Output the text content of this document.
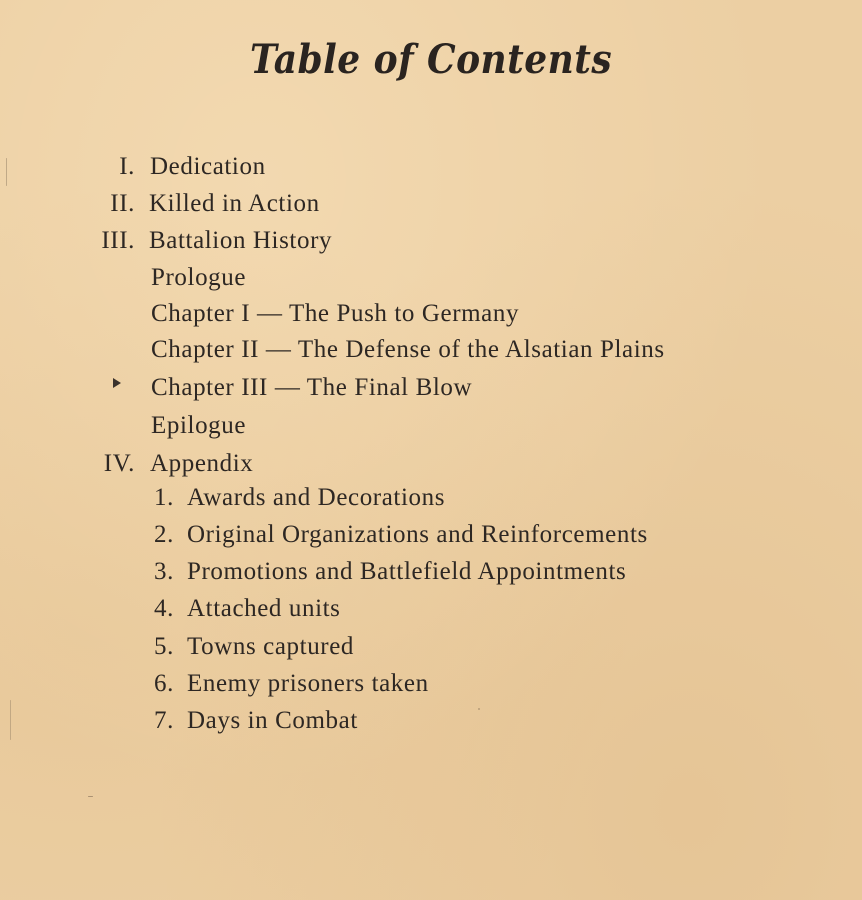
Table of Contents
I. Dedication
II. Killed in Action
III. Battalion History
Prologue
Chapter I — The Push to Germany
Chapter II — The Defense of the Alsatian Plains
Chapter III — The Final Blow
Epilogue
IV. Appendix
1. Awards and Decorations
2. Original Organizations and Reinforcements
3. Promotions and Battlefield Appointments
4. Attached units
5. Towns captured
6. Enemy prisoners taken
7. Days in Combat
